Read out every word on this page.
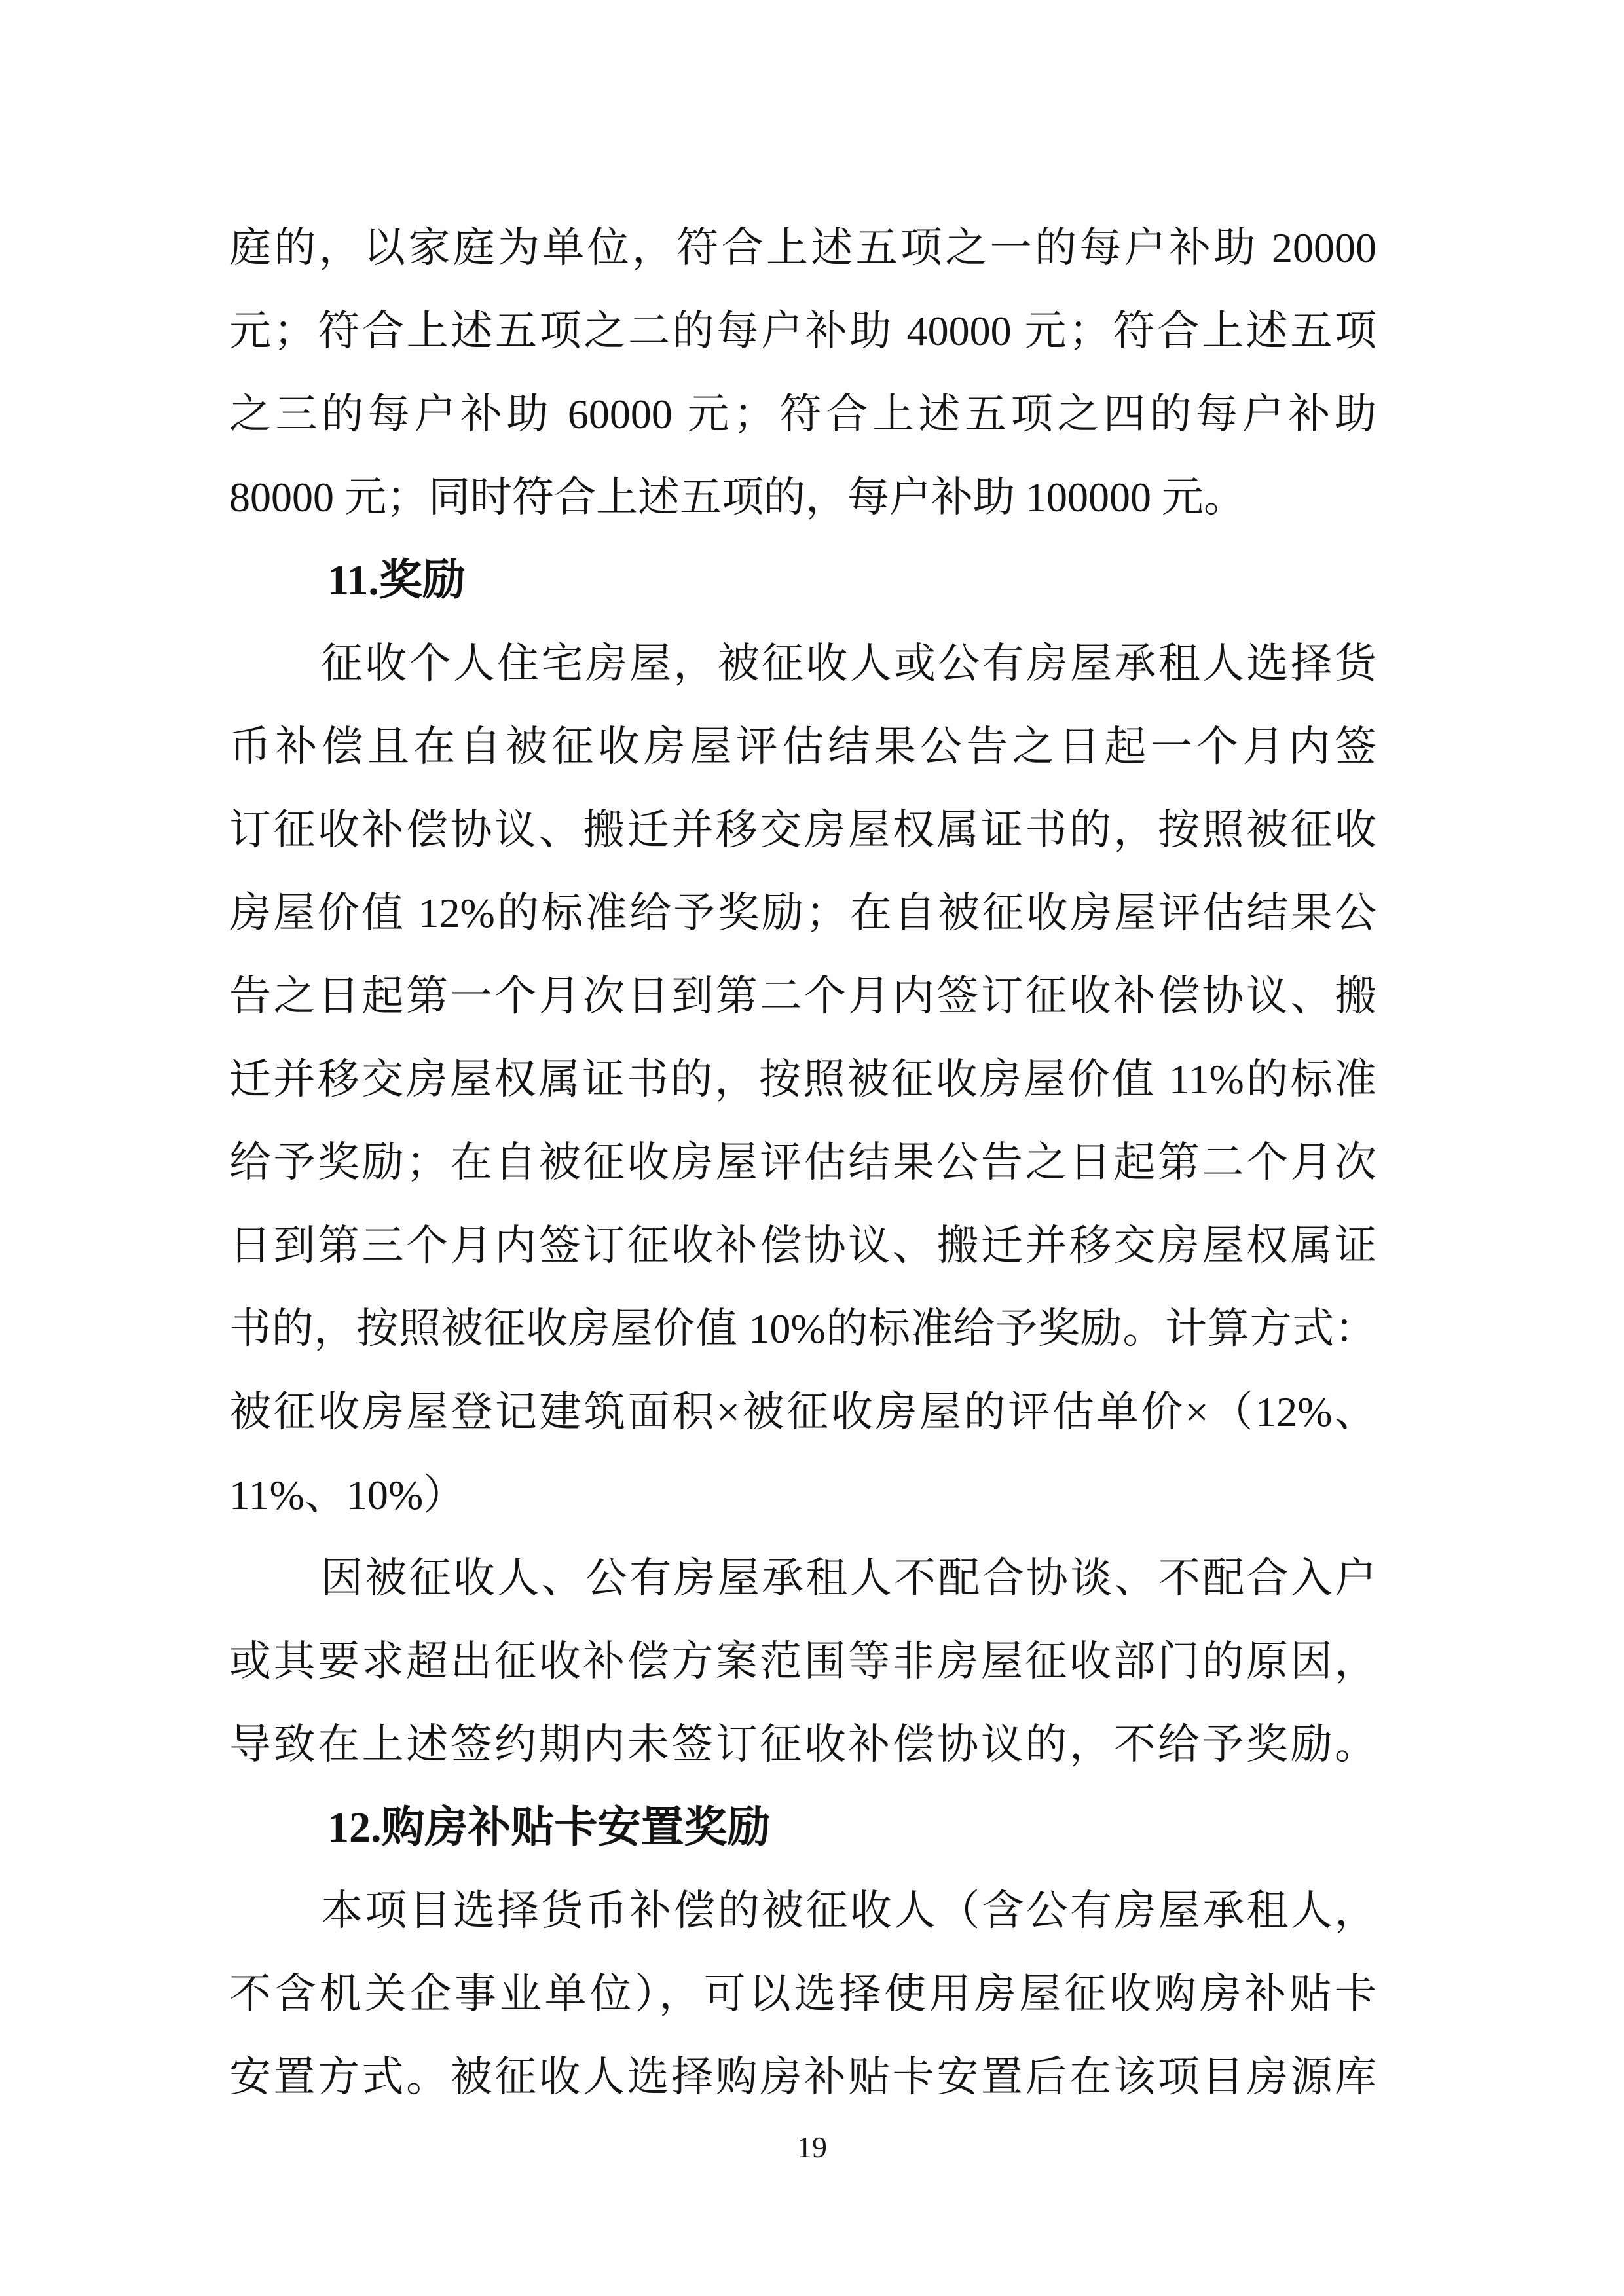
庭的，以家庭为单位，符合上述五项之一的每户补助 20000
元；符合上述五项之二的每户补助 40000 元；符合上述五项
之三的每户补助 60000 元；符合上述五项之四的每户补助
80000 元；同时符合上述五项的，每户补助 100000 元。
11.奖励
征收个人住宅房屋，被征收人或公有房屋承租人选择货
币补偿且在自被征收房屋评估结果公告之日起一个月内签
订征收补偿协议、搬迁并移交房屋权属证书的，按照被征收
房屋价值 12%的标准给予奖励；在自被征收房屋评估结果公
告之日起第一个月次日到第二个月内签订征收补偿协议、搬
迁并移交房屋权属证书的，按照被征收房屋价值 11%的标准
给予奖励；在自被征收房屋评估结果公告之日起第二个月次
日到第三个月内签订征收补偿协议、搬迁并移交房屋权属证
书的，按照被征收房屋价值 10%的标准给予奖励。计算方式：
被征收房屋登记建筑面积×被征收房屋的评估单价×（12%、
11%、10%）
因被征收人、公有房屋承租人不配合协谈、不配合入户
或其要求超出征收补偿方案范围等非房屋征收部门的原因，
导致在上述签约期内未签订征收补偿协议的，不给予奖励。
12.购房补贴卡安置奖励
本项目选择货币补偿的被征收人（含公有房屋承租人，
不含机关企事业单位），可以选择使用房屋征收购房补贴卡
安置方式。被征收人选择购房补贴卡安置后在该项目房源库
19
